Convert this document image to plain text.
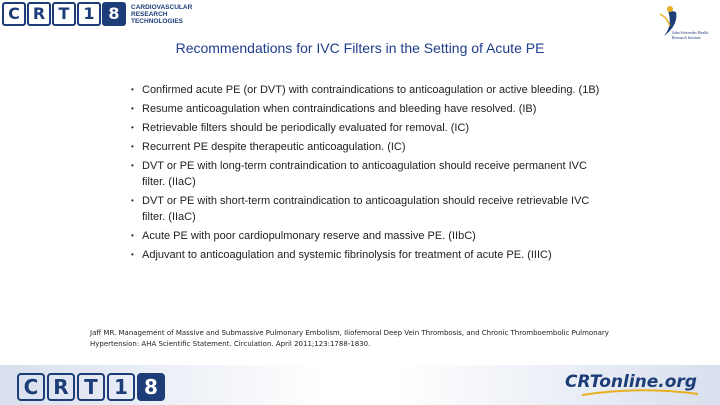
C R T 1 8	CARDIOVASCULAR
RESEARCH
TECHNOLOGIES
John Schroeder Health Research Institute
Recommendations for IVC Filters in the Setting of Acute PE
• Confirmed acute PE (or DVT) with contraindications to anticoagulation or active bleeding. (1B)
• Resume anticoagulation when contraindications and bleeding have resolved. (IB)
• Retrievable filters should be periodically evaluated for removal. (IC)
• Recurrent PE despite therapeutic anticoagulation. (IC)
• DVT or PE with long-term contraindication to anticoagulation should receive permanent IVC filter. (IIaC)
• DVT or PE with short-term contraindication to anticoagulation should receive retrievable IVC filter. (IIaC)
• Acute PE with poor cardiopulmonary reserve and massive PE. (IIbC)
• Adjuvant to anticoagulation and systemic fibrinolysis for treatment of acute PE. (IIIC)
Jaff MR. Management of Massive and Submassive Pulmonary Embolism, Iliofemoral Deep Vein Thrombosis, and Chronic Thromboembolic Pulmonary Hypertension: AHA Scientific Statement. Circulation. April 2011;123:1788-1830.
C R T 1 8	CRTonline.org
